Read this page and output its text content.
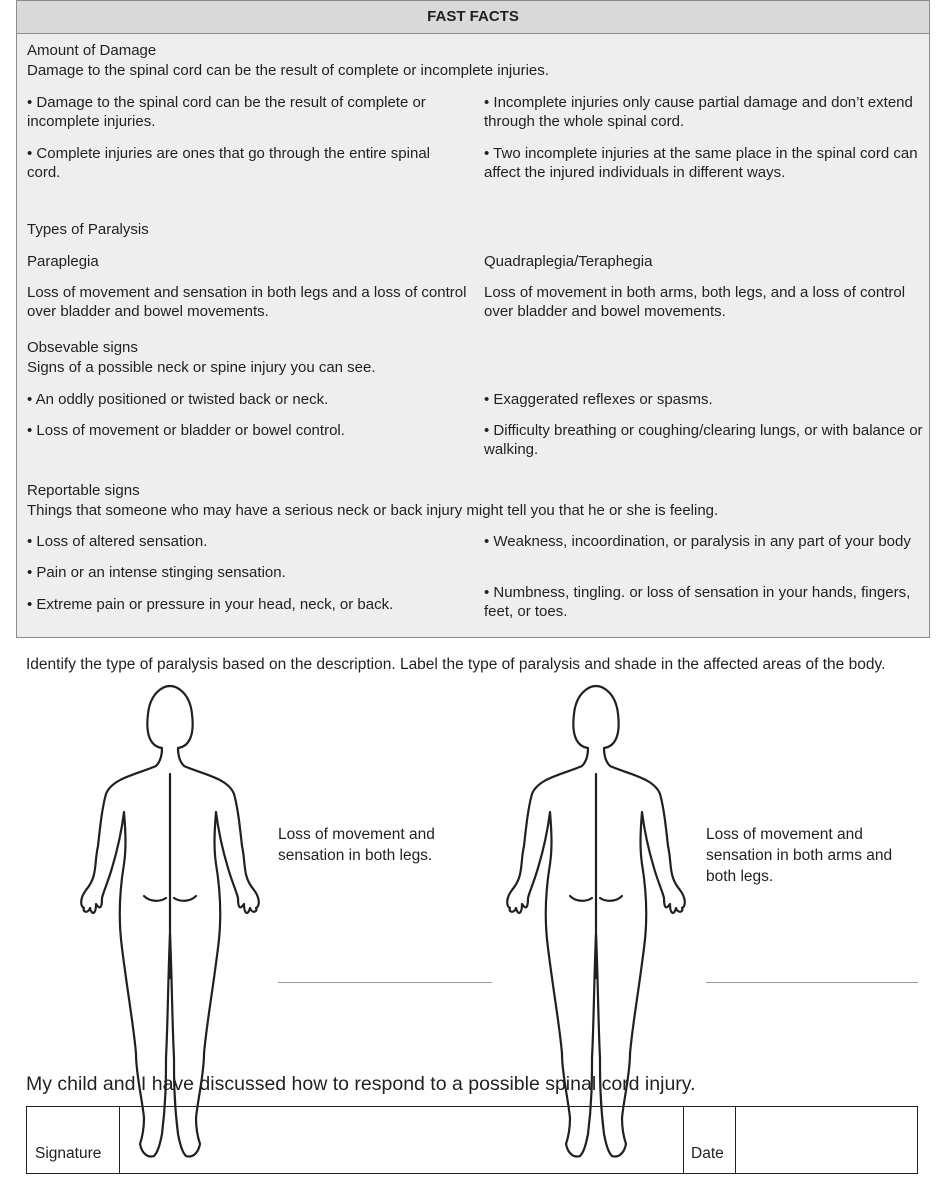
FAST FACTS

Amount of Damage

Damage to the spinal cord can be the result of complete or incomplete injuries.

• Damage to the spinal cord can be the result of complete or incomplete injuries.

• Complete injuries are ones that go through the entire spinal cord.

• Incomplete injuries only cause partial damage and don’t extend through the whole spinal cord.

• Two incomplete injuries at the same place in the spinal cord can affect the injured individuals in different ways.

Types of Paralysis

Paraplegia	Quadraplegia/Teraphegia

Loss of movement and sensation in both legs and a loss of control over bladder and bowel movements.

Loss of movement in both arms, both legs, and a loss of control over bladder and bowel movements.

Obsevable signs

Signs of a possible neck or spine injury you can see.

• An oddly positioned or twisted back or neck.

• Loss of movement or bladder or bowel control.

• Exaggerated reflexes or spasms.

• Difficulty breathing or coughing/clearing lungs, or with balance or walking.

Reportable signs

Things that someone who may have a serious neck or back injury might tell you that he or she is feeling.

• Loss of altered sensation.

• Pain or an intense stinging sensation.

• Extreme pain or pressure in your head, neck, or back.

• Weakness, incoordination, or paralysis in any part of your body

• Numbness, tingling. or loss of sensation in your hands, fingers, feet, or toes.

Identify the type of paralysis based on the description. Label the type of paralysis and shade in the affected areas of the body.
Loss of movement and sensation in both legs.
Loss of movement and sensation in both arms and both legs.
My child and I have discussed how to respond to a possible spinal cord injury.
Signature	Date
